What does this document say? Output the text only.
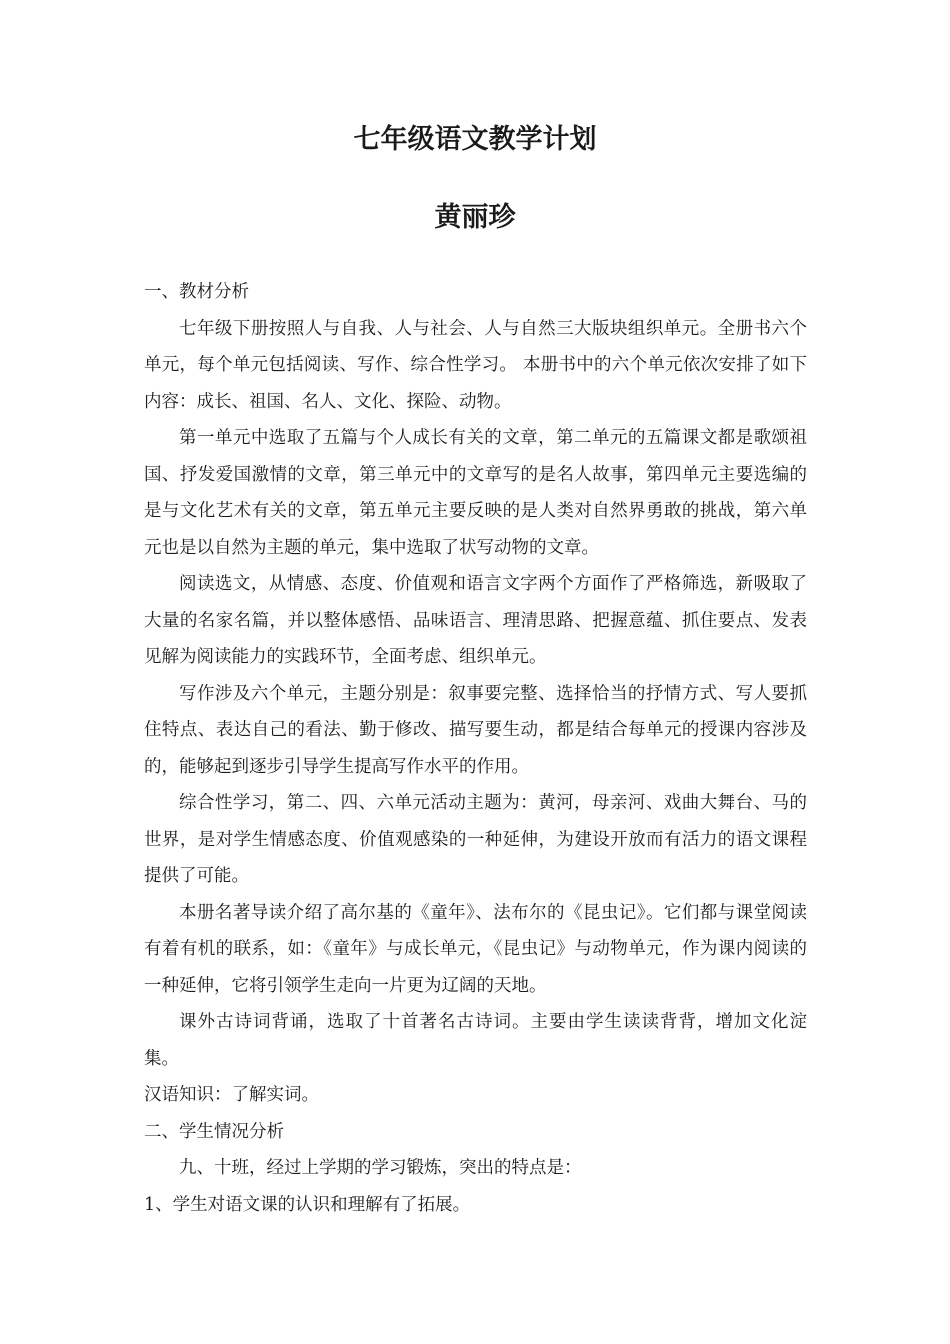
七年级语文教学计划
黄丽珍

一、教材分析

七年级下册按照人与自我、人与社会、人与自然三大版块组织单元。全册书六个单元，每个单元包括阅读、写作、综合性学习。 本册书中的六个单元依次安排了如下内容：成长、祖国、名人、文化、探险、动物。

第一单元中选取了五篇与个人成长有关的文章，第二单元的五篇课文都是歌颂祖国、抒发爱国激情的文章，第三单元中的文章写的是名人故事，第四单元主要选编的是与文化艺术有关的文章，第五单元主要反映的是人类对自然界勇敢的挑战，第六单元也是以自然为主题的单元，集中选取了状写动物的文章。

阅读选文，从情感、态度、价值观和语言文字两个方面作了严格筛选，新吸取了大量的名家名篇，并以整体感悟、品味语言、理清思路、把握意蕴、抓住要点、发表见解为阅读能力的实践环节，全面考虑、组织单元。

写作涉及六个单元，主题分别是：叙事要完整、选择恰当的抒情方式、写人要抓住特点、表达自己的看法、勤于修改、描写要生动，都是结合每单元的授课内容涉及的，能够起到逐步引导学生提高写作水平的作用。

综合性学习，第二、四、六单元活动主题为：黄河，母亲河、戏曲大舞台、马的世界，是对学生情感态度、价值观感染的一种延伸，为建设开放而有活力的语文课程提供了可能。

本册名著导读介绍了高尔基的《童年》、法布尔的《昆虫记》。它们都与课堂阅读有着有机的联系，如：《童年》与成长单元，《昆虫记》与动物单元，作为课内阅读的一种延伸，它将引领学生走向一片更为辽阔的天地。

课外古诗词背诵，选取了十首著名古诗词。主要由学生读读背背，增加文化淀集。

汉语知识：了解实词。

二、学生情况分析

九、十班，经过上学期的学习锻炼，突出的特点是：

1、学生对语文课的认识和理解有了拓展。
